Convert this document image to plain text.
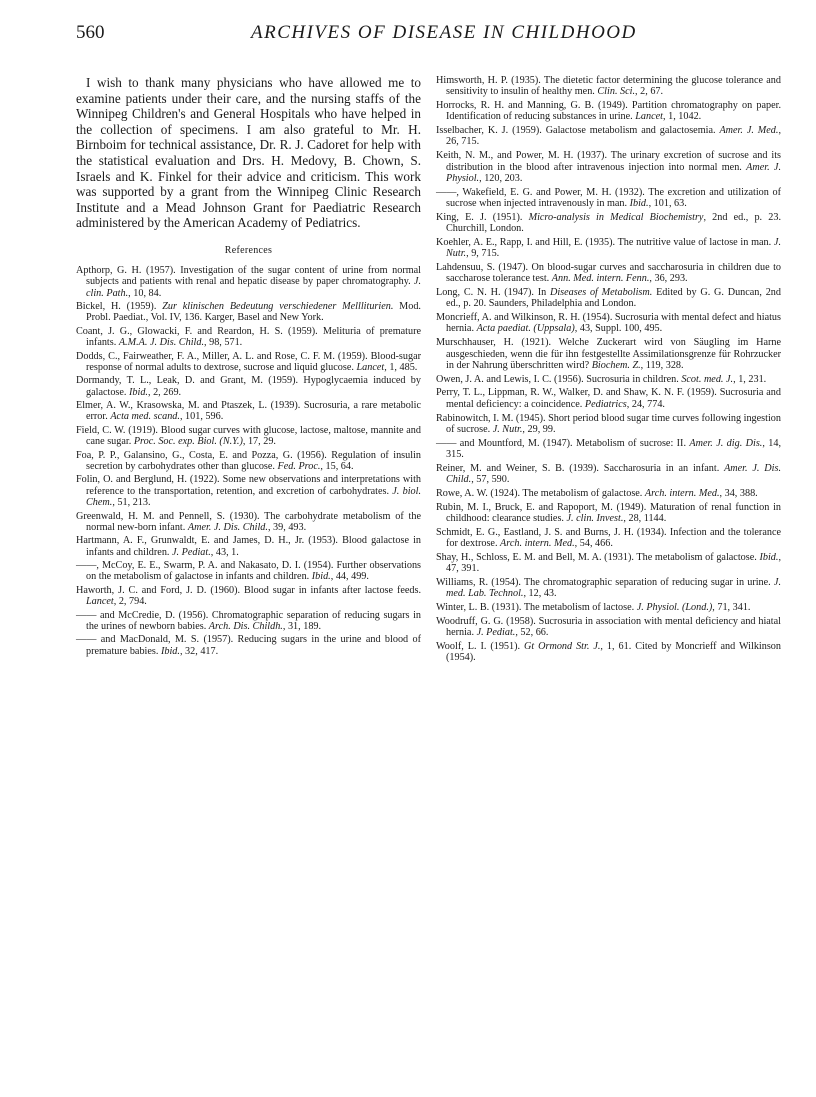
560	ARCHIVES OF DISEASE IN CHILDHOOD

I wish to thank many physicians who have allowed me to examine patients under their care, and the nursing staffs of the Winnipeg Children's and General Hospitals who have helped in the collection of specimens. I am also grateful to Mr. H. Birnboim for technical assistance, Dr. R. J. Cadoret for help with the statistical evaluation and Drs. H. Medovy, B. Chown, S. Israels and K. Finkel for their advice and criticism. This work was supported by a grant from the Winnipeg Clinic Research Institute and a Mead Johnson Grant for Paediatric Research administered by the American Academy of Pediatrics.

References

Apthorp, G. H. (1957). Investigation of the sugar content of urine from normal subjects and patients with renal and hepatic disease by paper chromatography. J. clin. Path., 10, 84.

Bickel, H. (1959). Zur klinischen Bedeutung verschiedener Mellliturien. Mod. Probl. Paediat., Vol. IV, 136. Karger, Basel and New York.

Coant, J. G., Glowacki, F. and Reardon, H. S. (1959). Melituria of premature infants. A.M.A. J. Dis. Child., 98, 571.

Dodds, C., Fairweather, F. A., Miller, A. L. and Rose, C. F. M. (1959). Blood-sugar response of normal adults to dextrose, sucrose and liquid glucose. Lancet, 1, 485.

Dormandy, T. L., Leak, D. and Grant, M. (1959). Hypoglycaemia induced by galactose. Ibid., 2, 269.

Elmer, A. W., Krasowska, M. and Ptaszek, L. (1939). Sucrosuria, a rare metabolic error. Acta med. scand., 101, 596.

Field, C. W. (1919). Blood sugar curves with glucose, lactose, maltose, mannite and cane sugar. Proc. Soc. exp. Biol. (N.Y.), 17, 29.

Foa, P. P., Galansino, G., Costa, E. and Pozza, G. (1956). Regulation of insulin secretion by carbohydrates other than glucose. Fed. Proc., 15, 64.

Folin, O. and Berglund, H. (1922). Some new observations and interpretations with reference to the transportation, retention, and excretion of carbohydrates. J. biol. Chem., 51, 213.

Greenwald, H. M. and Pennell, S. (1930). The carbohydrate metabolism of the normal new-born infant. Amer. J. Dis. Child., 39, 493.

Hartmann, A. F., Grunwaldt, E. and James, D. H., Jr. (1953). Blood galactose in infants and children. J. Pediat., 43, 1.

——, McCoy, E. E., Swarm, P. A. and Nakasato, D. I. (1954). Further observations on the metabolism of galactose in infants and children. Ibid., 44, 499.

Haworth, J. C. and Ford, J. D. (1960). Blood sugar in infants after lactose feeds. Lancet, 2, 794.

—— and McCredie, D. (1956). Chromatographic separation of reducing sugars in the urines of newborn babies. Arch. Dis. Childh., 31, 189.

—— and MacDonald, M. S. (1957). Reducing sugars in the urine and blood of premature babies. Ibid., 32, 417.

Himsworth, H. P. (1935). The dietetic factor determining the glucose tolerance and sensitivity to insulin of healthy men. Clin. Sci., 2, 67.

Horrocks, R. H. and Manning, G. B. (1949). Partition chromatography on paper. Identification of reducing substances in urine. Lancet, 1, 1042.

Isselbacher, K. J. (1959). Galactose metabolism and galactosemia. Amer. J. Med., 26, 715.

Keith, N. M., and Power, M. H. (1937). The urinary excretion of sucrose and its distribution in the blood after intravenous injection into normal men. Amer. J. Physiol., 120, 203.

——, Wakefield, E. G. and Power, M. H. (1932). The excretion and utilization of sucrose when injected intravenously in man. Ibid., 101, 63.

King, E. J. (1951). Micro-analysis in Medical Biochemistry, 2nd ed., p. 23. Churchill, London.

Koehler, A. E., Rapp, I. and Hill, E. (1935). The nutritive value of lactose in man. J. Nutr., 9, 715.

Lahdensuu, S. (1947). On blood-sugar curves and saccharosuria in children due to saccharose tolerance test. Ann. Med. intern. Fenn., 36, 293.

Long, C. N. H. (1947). In Diseases of Metabolism. Edited by G. G. Duncan, 2nd ed., p. 20. Saunders, Philadelphia and London.

Moncrieff, A. and Wilkinson, R. H. (1954). Sucrosuria with mental defect and hiatus hernia. Acta paediat. (Uppsala), 43, Suppl. 100, 495.

Murschhauser, H. (1921). Welche Zuckerart wird von Säugling im Harne ausgeschieden, wenn die für ihn festgestellte Assimilationsgrenze für Rohrzucker in der Nahrung überschritten wird? Biochem. Z., 119, 328.

Owen, J. A. and Lewis, I. C. (1956). Sucrosuria in children. Scot. med. J., 1, 231.

Perry, T. L., Lippman, R. W., Walker, D. and Shaw, K. N. F. (1959). Sucrosuria and mental deficiency: a coincidence. Pediatrics, 24, 774.

Rabinowitch, I. M. (1945). Short period blood sugar time curves following ingestion of sucrose. J. Nutr., 29, 99.

—— and Mountford, M. (1947). Metabolism of sucrose: II. Amer. J. dig. Dis., 14, 315.

Reiner, M. and Weiner, S. B. (1939). Saccharosuria in an infant. Amer. J. Dis. Child., 57, 590.

Rowe, A. W. (1924). The metabolism of galactose. Arch. intern. Med., 34, 388.

Rubin, M. I., Bruck, E. and Rapoport, M. (1949). Maturation of renal function in childhood: clearance studies. J. clin. Invest., 28, 1144.

Schmidt, E. G., Eastland, J. S. and Burns, J. H. (1934). Infection and the tolerance for dextrose. Arch. intern. Med., 54, 466.

Shay, H., Schloss, E. M. and Bell, M. A. (1931). The metabolism of galactose. Ibid., 47, 391.

Williams, R. (1954). The chromatographic separation of reducing sugar in urine. J. med. Lab. Technol., 12, 43.

Winter, L. B. (1931). The metabolism of lactose. J. Physiol. (Lond.), 71, 341.

Woodruff, G. G. (1958). Sucrosuria in association with mental deficiency and hiatal hernia. J. Pediat., 52, 66.

Woolf, L. I. (1951). Gt Ormond Str. J., 1, 61. Cited by Moncrieff and Wilkinson (1954).
